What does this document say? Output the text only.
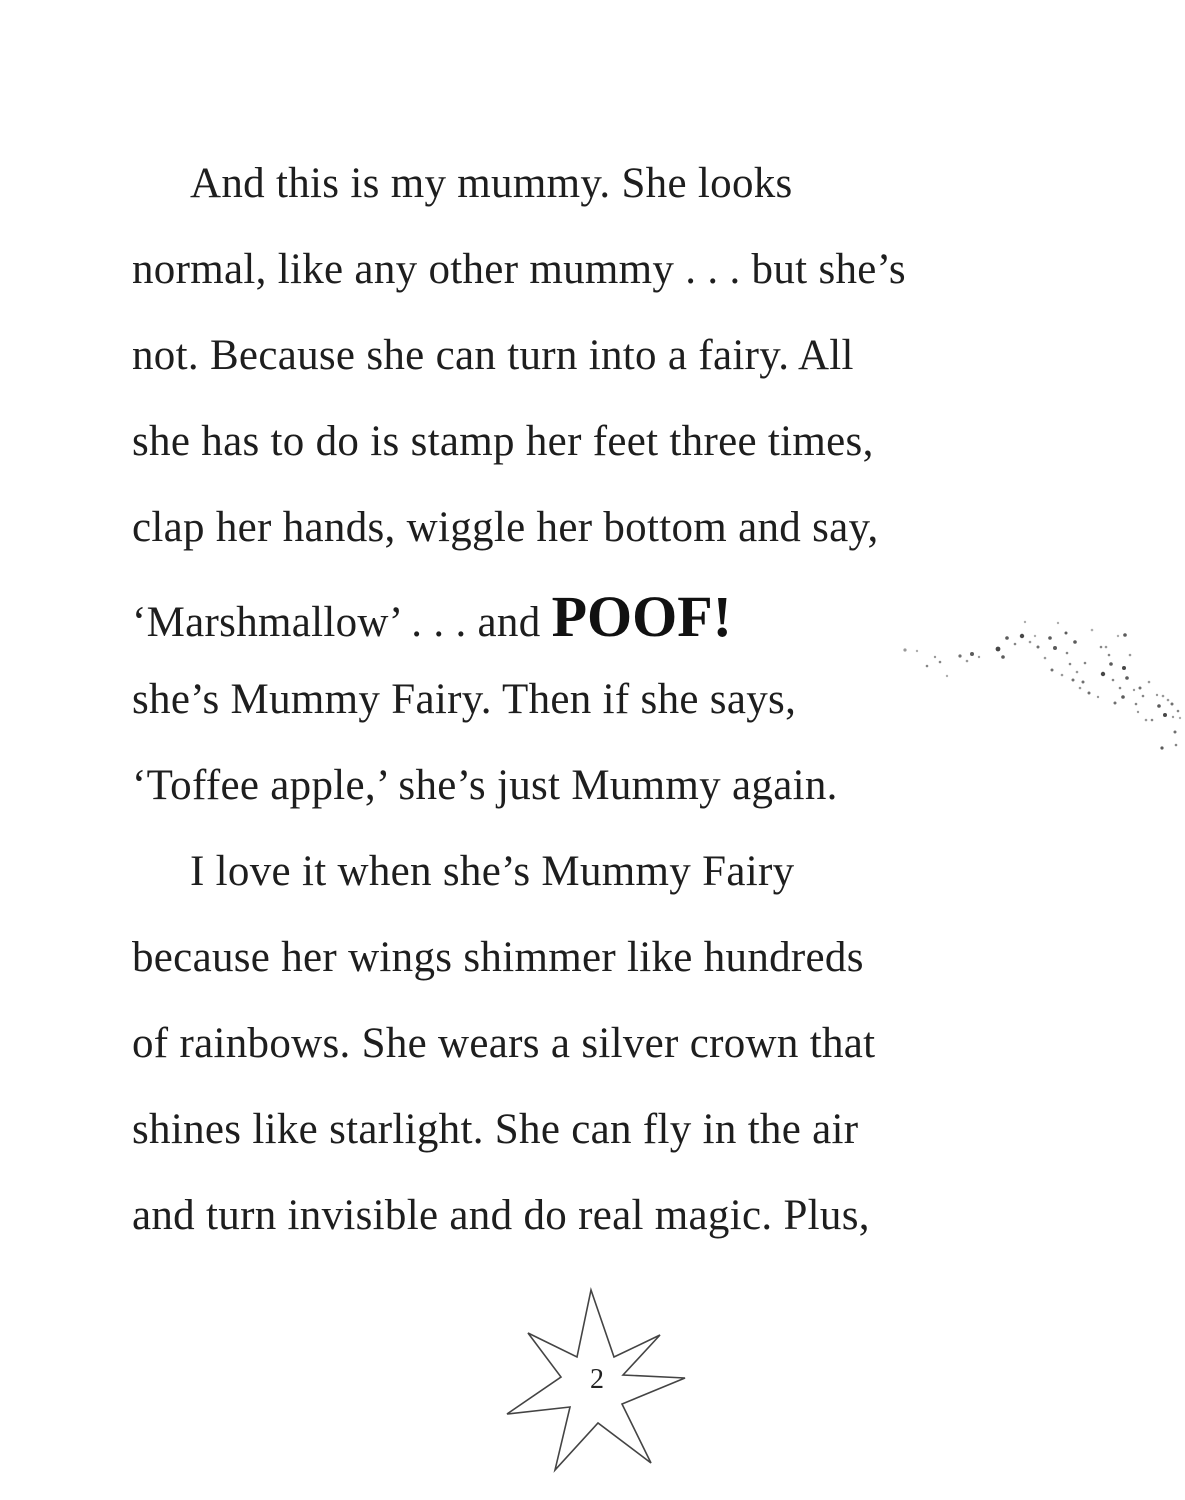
And this is my mummy. She looks
normal, like any other mummy . . . but she’s
not. Because she can turn into a fairy. All
she has to do is stamp her feet three times,
clap her hands, wiggle her bottom and say,
‘Marshmallow’ . . . and POOF!
she’s Mummy Fairy. Then if she says,
‘Toffee apple,’ she’s just Mummy again.
I love it when she’s Mummy Fairy
because her wings shimmer like hundreds
of rainbows. She wears a silver crown that
shines like starlight. She can fly in the air
and turn invisible and do real magic. Plus,
2
